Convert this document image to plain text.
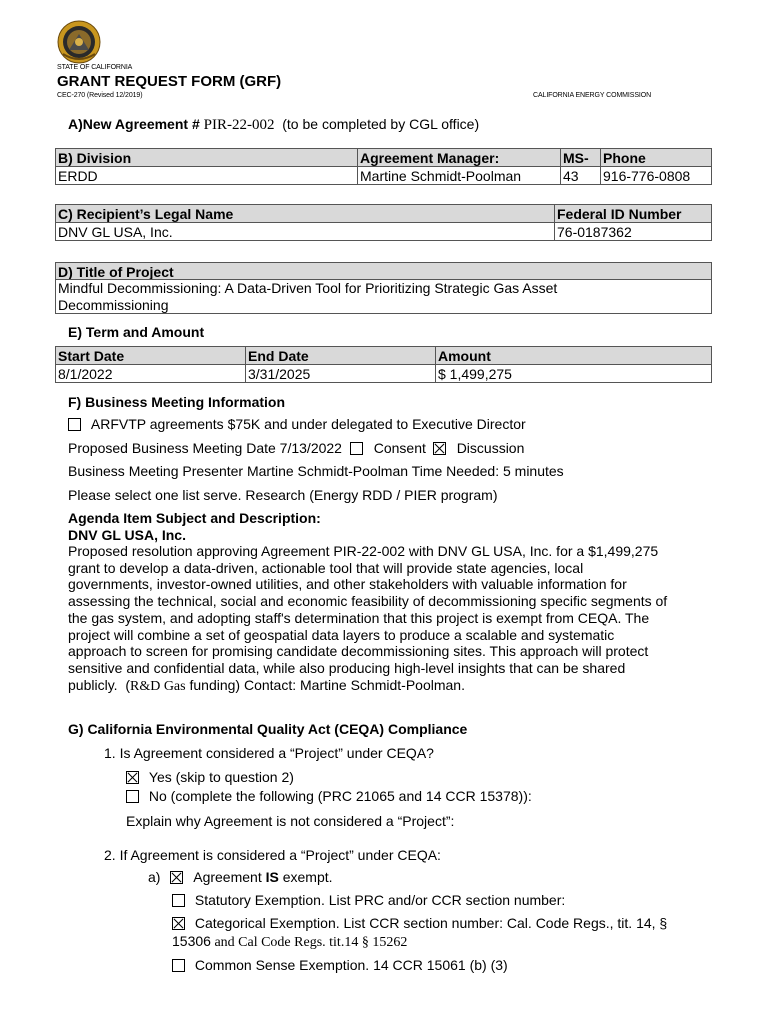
STATE OF CALIFORNIA
GRANT REQUEST FORM (GRF)
CEC-270 (Revised 12/2019)	CALIFORNIA ENERGY COMMISSION
A)New Agreement # PIR-22-002  (to be completed by CGL office)
B) Division	Agreement Manager:	MS-	Phone
ERDD	Martine Schmidt-Poolman	43	916-776-0808
C) Recipient’s Legal Name	Federal ID Number
DNV GL USA, Inc.	76-0187362
D) Title of Project
Mindful Decommissioning: A Data-Driven Tool for Prioritizing Strategic Gas Asset
Decommissioning
E) Term and Amount
Start Date	End Date	Amount
8/1/2022	3/31/2025	$ 1,499,275
F) Business Meeting Information
ARFVTP agreements $75K and under delegated to Executive Director
Proposed Business Meeting Date 7/13/2022 Consent Discussion
Business Meeting Presenter Martine Schmidt-Poolman Time Needed: 5 minutes
Please select one list serve. Research (Energy RDD / PIER program)
Agenda Item Subject and Description:
DNV GL USA, Inc.
Proposed resolution approving Agreement PIR-22-002 with DNV GL USA, Inc. for a $1,499,275
grant to develop a data-driven, actionable tool that will provide state agencies, local
governments, investor-owned utilities, and other stakeholders with valuable information for
assessing the technical, social and economic feasibility of decommissioning specific segments of
the gas system, and adopting staff's determination that this project is exempt from CEQA. The
project will combine a set of geospatial data layers to produce a scalable and systematic
approach to screen for promising candidate decommissioning sites. This approach will protect
sensitive and confidential data, while also producing high-level insights that can be shared
publicly.  (R&D Gas funding) Contact: Martine Schmidt-Poolman.
G) California Environmental Quality Act (CEQA) Compliance
1. Is Agreement considered a “Project” under CEQA?
Yes (skip to question 2)
No (complete the following (PRC 21065 and 14 CCR 15378)):
Explain why Agreement is not considered a “Project”:
2. If Agreement is considered a “Project” under CEQA:
a) Agreement IS exempt.
Statutory Exemption. List PRC and/or CCR section number:
Categorical Exemption. List CCR section number: Cal. Code Regs., tit. 14, §
15306 and Cal Code Regs. tit.14 § 15262
Common Sense Exemption. 14 CCR 15061 (b) (3)
